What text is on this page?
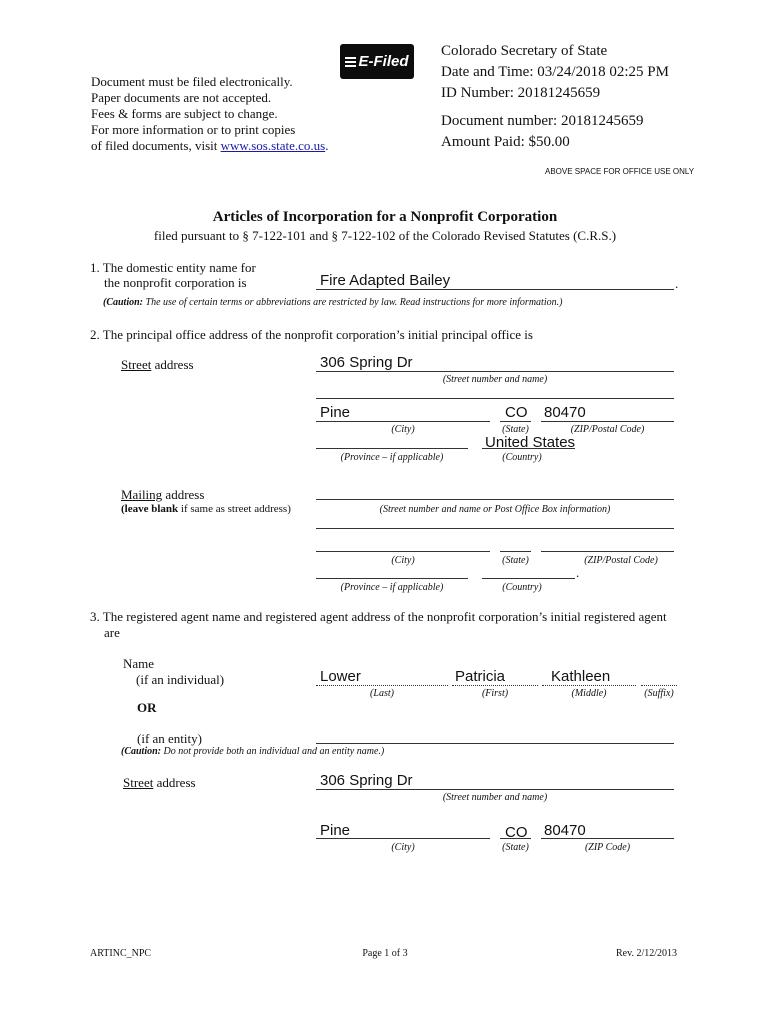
E-Filed
Document must be filed electronically.
Paper documents are not accepted.
Fees & forms are subject to change.
For more information or to print copies
of filed documents, visit www.sos.state.co.us.
Colorado Secretary of State
Date and Time: 03/24/2018 02:25 PM
ID Number: 20181245659
Document number: 20181245659
Amount Paid: $50.00
ABOVE SPACE FOR OFFICE USE ONLY
Articles of Incorporation for a Nonprofit Corporation
filed pursuant to § 7-122-101 and § 7-122-102 of the Colorado Revised Statutes (C.R.S.)
1. The domestic entity name for
the nonprofit corporation is	Fire Adapted Bailey	.
(Caution: The use of certain terms or abbreviations are restricted by law. Read instructions for more information.)
2. The principal office address of the nonprofit corporation’s initial principal office is
Street address	306 Spring Dr
(Street number and name)
Pine	CO 80470
(City)	(State)	(ZIP/Postal Code)
United States
(Province – if applicable)	(Country)
Mailing address
(leave blank if same as street address)	(Street number and name or Post Office Box information)
(City)	(State)	(ZIP/Postal Code)
.
(Province – if applicable)	(Country)
3. The registered agent name and registered agent address of the nonprofit corporation’s initial registered agent
are
Name
(if an individual)	Lower	Patricia	Kathleen
(Last)	(First)	(Middle)	(Suffix)
OR
(if an entity)
(Caution: Do not provide both an individual and an entity name.)
Street address	306 Spring Dr
(Street number and name)
Pine	CO 80470
(City)	(State)	(ZIP Code)
ARTINC_NPC	Page 1 of 3	Rev. 2/12/2013
